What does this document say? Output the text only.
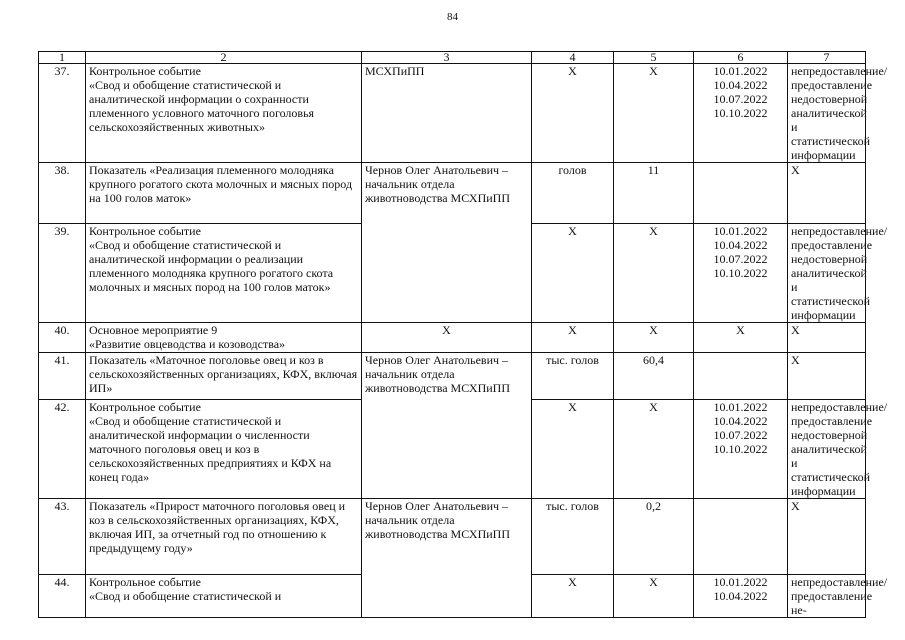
84
1	2	3	4	5	6	7
37.	Контрольное событие
«Свод и обобщение статистической и аналитической информации о сохранности племенного условного маточного поголовья сельскохозяйственных животных»	МСХПиПП	Х	Х	10.01.2022
10.04.2022
10.07.2022
10.10.2022	непредоставление/ предоставление недостоверной аналитической и статистической информации
38.	Показатель «Реализация племенного молодняка крупного рогатого скота молочных и мясных пород на 100 голов маток»	Чернов Олег Анатольевич – начальник отдела животноводства МСХПиПП	голов	11		Х
39.	Контрольное событие
«Свод и обобщение статистической и аналитической информации о реализации племенного молодняка крупного рогатого скота молочных и мясных пород на 100 голов маток»		Х	Х	10.01.2022
10.04.2022
10.07.2022
10.10.2022	непредоставление/ предоставление недостоверной аналитической и статистической информации
40.	Основное мероприятие 9
«Развитие овцеводства и козоводства»	Х	Х	Х	Х	Х
41.	Показатель «Маточное поголовье овец и коз в сельскохозяйственных организациях, КФХ, включая ИП»	Чернов Олег Анатольевич – начальник отдела животноводства МСХПиПП	тыс. голов	60,4		Х
42.	Контрольное событие
«Свод и обобщение статистической и аналитической информации о численности маточного поголовья овец и коз в сельскохозяйственных предприятиях и КФХ на конец года»		Х	Х	10.01.2022
10.04.2022
10.07.2022
10.10.2022	непредоставление/ предоставление недостоверной аналитической и статистической информации
43.	Показатель «Прирост маточного поголовья овец и коз в сельскохозяйственных организациях, КФХ, включая ИП, за отчетный год по отношению к предыдущему году»	Чернов Олег Анатольевич – начальник отдела животноводства МСХПиПП	тыс. голов	0,2		Х
44.	Контрольное событие
«Свод и обобщение статистической и		Х	Х	10.01.2022
10.04.2022	непредоставление/ предоставление не-
